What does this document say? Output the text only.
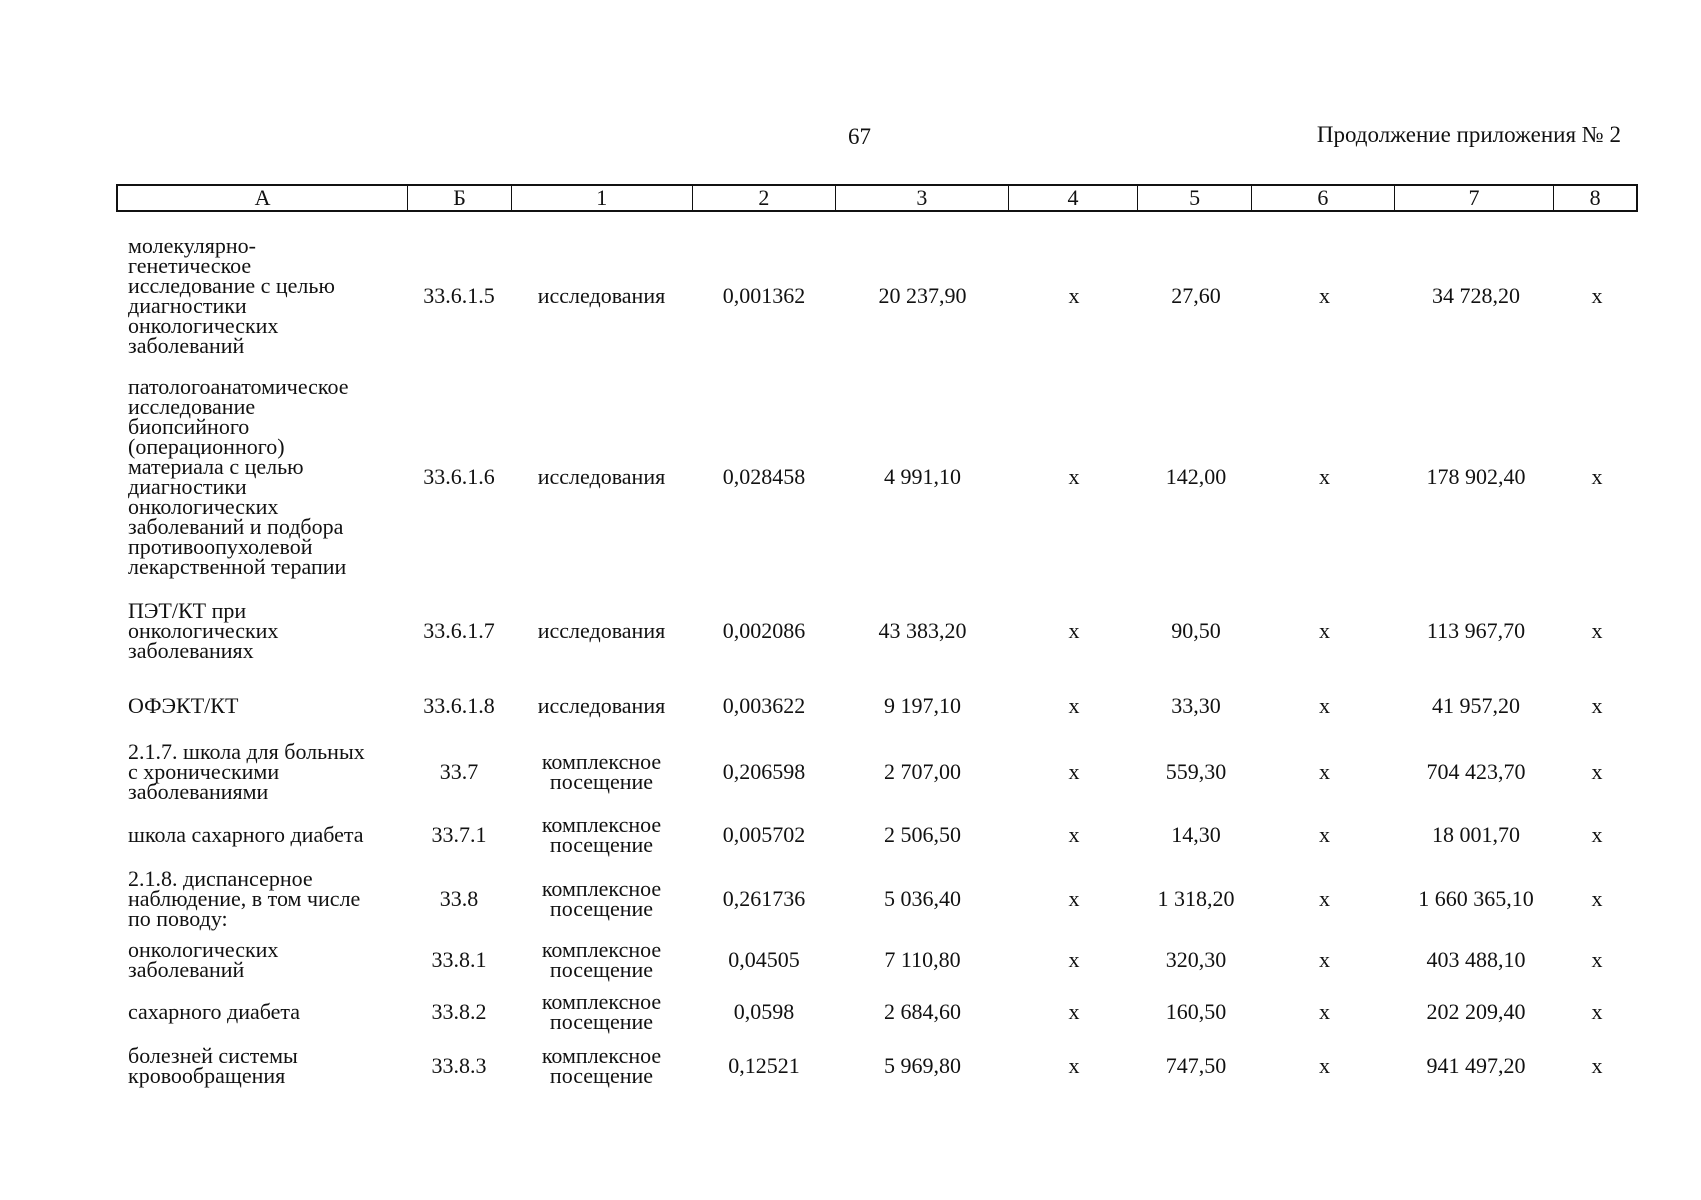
67	Продолжение приложения № 2
А	Б	1	2	3	4	5	6	7	8
молекулярно-
генетическое
исследование с целью
диагностики
онкологических
заболеваний
33.6.1.5	исследования	0,001362	20 237,90	х	27,60	х	34 728,20	х
патологоанатомическое
исследование
биопсийного
(операционного)
материала с целью
диагностики
онкологических
заболеваний и подбора
противоопухолевой
лекарственной терапии
33.6.1.6	исследования	0,028458	4 991,10	х	142,00	х	178 902,40	х
ПЭТ/КТ при
онкологических
заболеваниях
33.6.1.7	исследования	0,002086	43 383,20	х	90,50	х	113 967,70	х
ОФЭКТ/КТ	33.6.1.8	исследования	0,003622	9 197,10	х	33,30	х	41 957,20	х
2.1.7. школа для больных
с хроническими
заболеваниями
33.7	комплексное
посещение	0,206598	2 707,00	х	559,30	х	704 423,70	х
школа сахарного диабета	33.7.1	комплексное
посещение	0,005702	2 506,50	х	14,30	х	18 001,70	х
2.1.8. диспансерное
наблюдение, в том числе
по поводу:
33.8	комплексное
посещение	0,261736	5 036,40	х	1 318,20	х	1 660 365,10	х
онкологических
заболеваний	33.8.1	комплексное
посещение	0,04505	7 110,80	х	320,30	х	403 488,10	х
сахарного диабета	33.8.2	комплексное
посещение	0,0598	2 684,60	х	160,50	х	202 209,40	х
болезней системы
кровообращения	33.8.3	комплексное
посещение	0,12521	5 969,80	х	747,50	х	941 497,20	х
